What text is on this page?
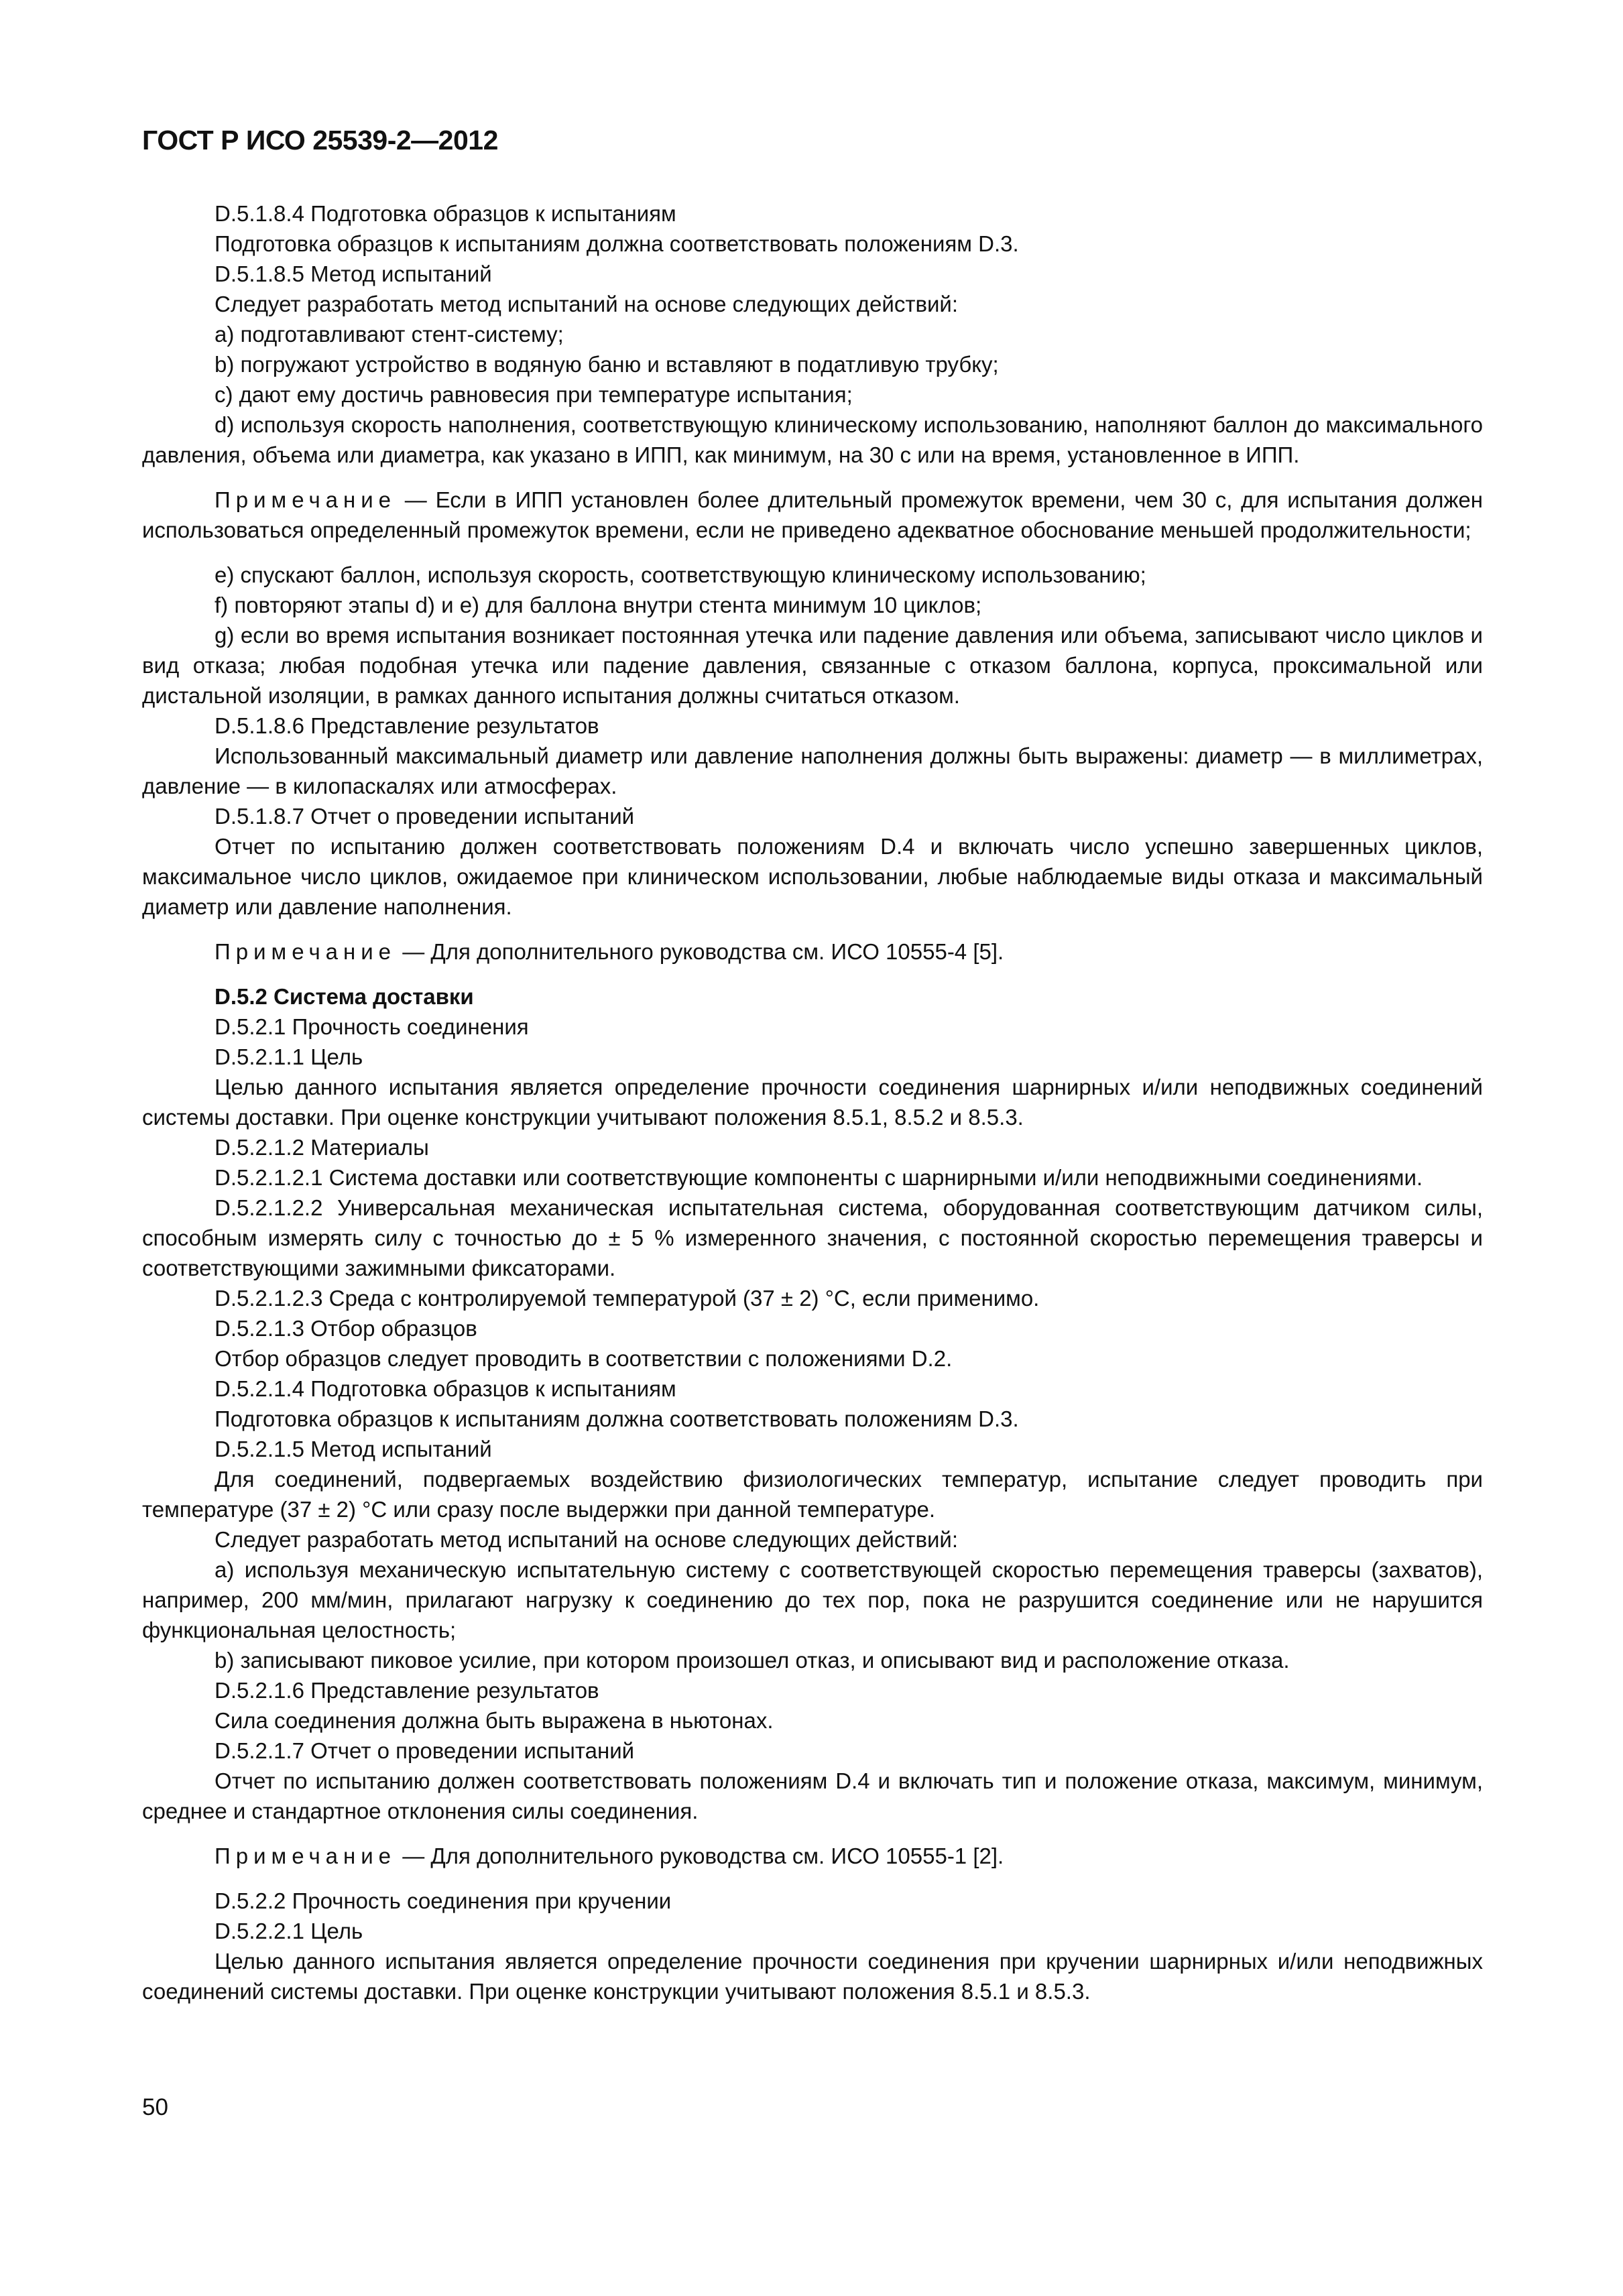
ГОСТ Р ИСО 25539-2—2012

D.5.1.8.4 Подготовка образцов к испытаниям

Подготовка образцов к испытаниям должна соответствовать положениям D.3.

D.5.1.8.5 Метод испытаний

Следует разработать метод испытаний на основе следующих действий:

a) подготавливают стент-систему;

b) погружают устройство в водяную баню и вставляют в податливую трубку;

c) дают ему достичь равновесия при температуре испытания;

d) используя скорость наполнения, соответствующую клиническому использованию, наполняют баллон до максимального давления, объема или диаметра, как указано в ИПП, как минимум, на 30 с или на время, установленное в ИПП.

Примечание — Если в ИПП установлен более длительный промежуток времени, чем 30 с, для испытания должен использоваться определенный промежуток времени, если не приведено адекватное обоснование меньшей продолжительности;

e) спускают баллон, используя скорость, соответствующую клиническому использованию;

f) повторяют этапы d) и e) для баллона внутри стента минимум 10 циклов;

g) если во время испытания возникает постоянная утечка или падение давления или объема, записывают число циклов и вид отказа; любая подобная утечка или падение давления, связанные с отказом баллона, корпуса, проксимальной или дистальной изоляции, в рамках данного испытания должны считаться отказом.

D.5.1.8.6 Представление результатов

Использованный максимальный диаметр или давление наполнения должны быть выражены: диаметр — в миллиметрах, давление — в килопаскалях или атмосферах.

D.5.1.8.7 Отчет о проведении испытаний

Отчет по испытанию должен соответствовать положениям D.4 и включать число успешно завершенных циклов, максимальное число циклов, ожидаемое при клиническом использовании, любые наблюдаемые виды отказа и максимальный диаметр или давление наполнения.

Примечание — Для дополнительного руководства см. ИСО 10555-4 [5].

D.5.2 Система доставки

D.5.2.1 Прочность соединения

D.5.2.1.1 Цель

Целью данного испытания является определение прочности соединения шарнирных и/или неподвижных соединений системы доставки. При оценке конструкции учитывают положения 8.5.1, 8.5.2 и 8.5.3.

D.5.2.1.2 Материалы

D.5.2.1.2.1 Система доставки или соответствующие компоненты с шарнирными и/или неподвижными соединениями.

D.5.2.1.2.2 Универсальная механическая испытательная система, оборудованная соответствующим датчиком силы, способным измерять силу с точностью до ± 5 % измеренного значения, с постоянной скоростью перемещения траверсы и соответствующими зажимными фиксаторами.

D.5.2.1.2.3 Среда с контролируемой температурой (37 ± 2) °C, если применимо.

D.5.2.1.3 Отбор образцов

Отбор образцов следует проводить в соответствии с положениями D.2.

D.5.2.1.4 Подготовка образцов к испытаниям

Подготовка образцов к испытаниям должна соответствовать положениям D.3.

D.5.2.1.5 Метод испытаний

Для соединений, подвергаемых воздействию физиологических температур, испытание следует проводить при температуре (37 ± 2) °C или сразу после выдержки при данной температуре.

Следует разработать метод испытаний на основе следующих действий:

a) используя механическую испытательную систему с соответствующей скоростью перемещения траверсы (захватов), например, 200 мм/мин, прилагают нагрузку к соединению до тех пор, пока не разрушится соединение или не нарушится функциональная целостность;

b) записывают пиковое усилие, при котором произошел отказ, и описывают вид и расположение отказа.

D.5.2.1.6 Представление результатов

Сила соединения должна быть выражена в ньютонах.

D.5.2.1.7 Отчет о проведении испытаний

Отчет по испытанию должен соответствовать положениям D.4 и включать тип и положение отказа, максимум, минимум, среднее и стандартное отклонения силы соединения.

Примечание — Для дополнительного руководства см. ИСО 10555-1 [2].

D.5.2.2 Прочность соединения при кручении

D.5.2.2.1 Цель

Целью данного испытания является определение прочности соединения при кручении шарнирных и/или неподвижных соединений системы доставки. При оценке конструкции учитывают положения 8.5.1 и 8.5.3.

50
